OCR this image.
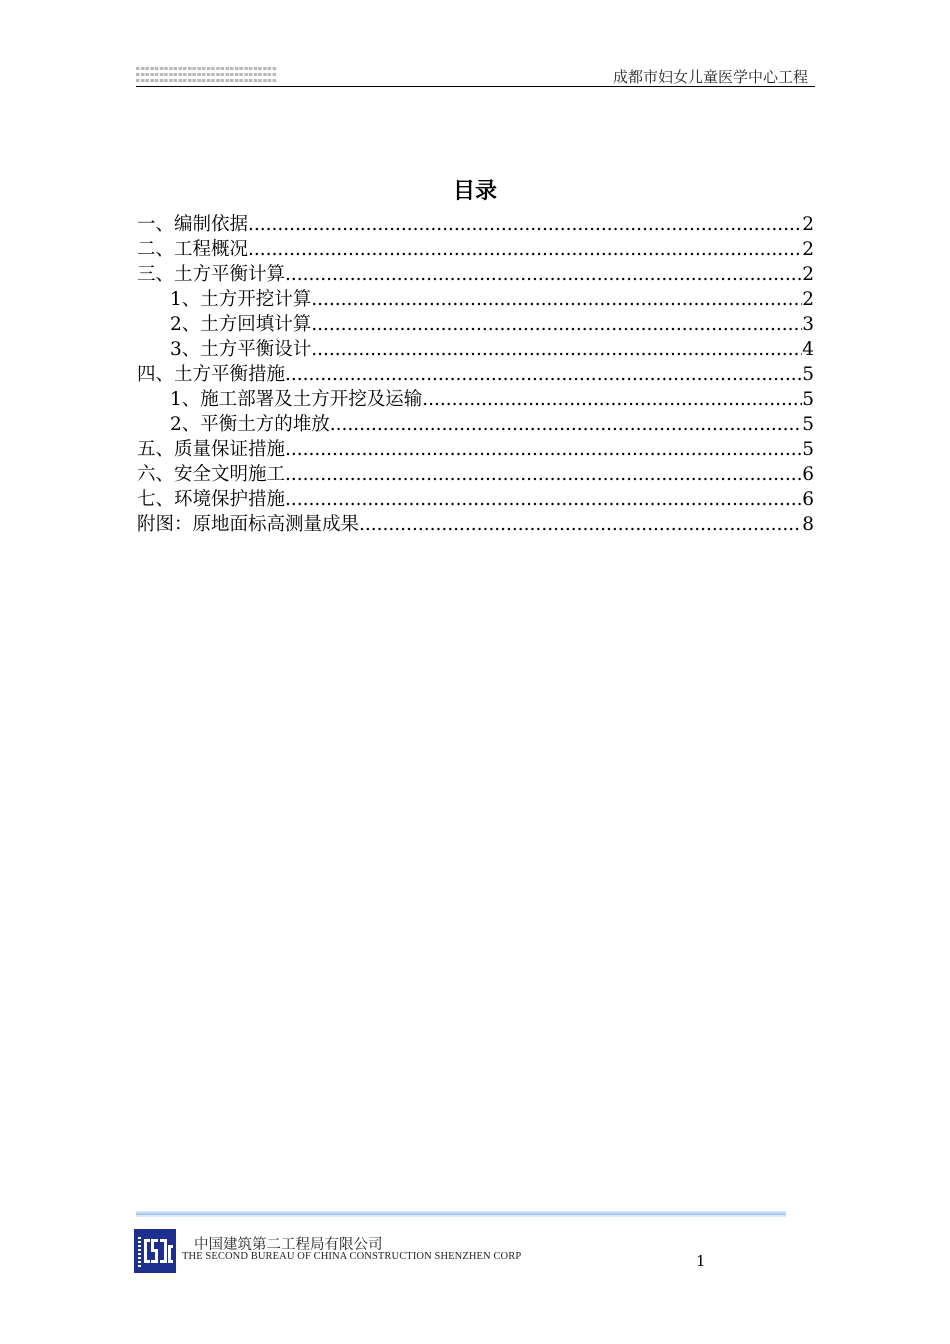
成都市妇女儿童医学中心工程
目录
一、编制依据 .....	2
二、工程概况 .....	2
三、土方平衡计算 .....	2
1、土方开挖计算 .....	2
2、土方回填计算 .....	3
3、土方平衡设计 .....	4
四、土方平衡措施 .....	5
1、施工部署及土方开挖及运输 .....	5
2、平衡土方的堆放 .....	5
五、质量保证措施 .....	5
六、安全文明施工 .....	6
七、环境保护措施 .....	6
附图：原地面标高测量成果 .....	8
中国建筑第二工程局有限公司
THE SECOND BUREAU OF CHINA CONSTRUCTION SHENZHEN CORP	1
